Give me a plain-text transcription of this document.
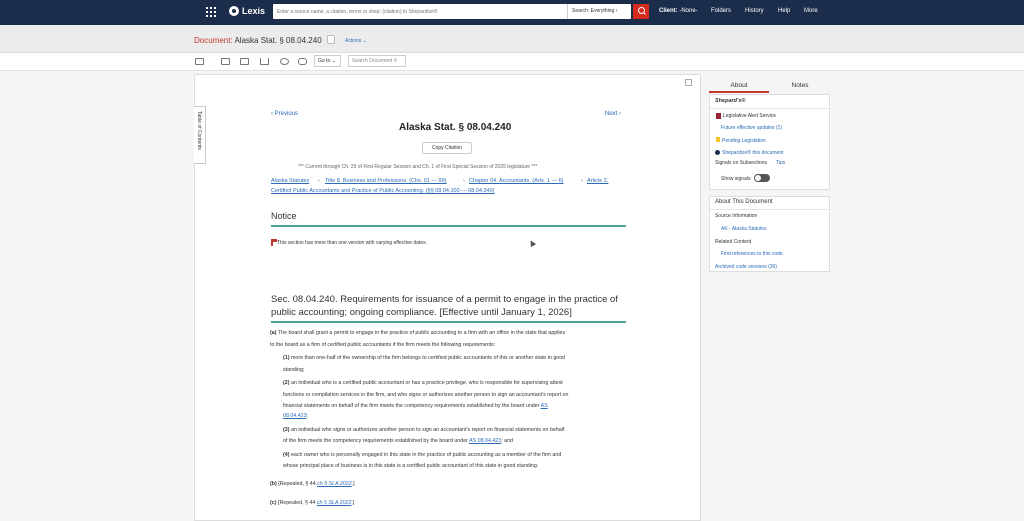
Lexis
Enter a source name, a citation, terms or shep: (citation) to Shepardize®	Search: Everything ›	Client: -None- Folders History Help More
Document: Alaska Stat. § 08.04.240	Actions ⌄
Go to ⌄	Search Document ⚲
Table of Contents	‹ Previous	Next ›
Alaska Stat. § 08.04.240
Copy Citation
*** Current through Ch. 25 of First Regular Session and Ch. 1 of First Special Session of 2025 legislature ***
Alaska Statutes › Title 8. Business and Professions. (Chs. 01 — 99)	› Chapter 04. Accountants. (Arts. 1 — 6)	› Article 2.
Certified Public Accountants and Practice of Public Accounting. (§§ 08.04.100 — 08.04.340)
Notice
This section has more than one version with varying effective dates.
Sec. 08.04.240. Requirements for issuance of a permit to engage in the practice of
public accounting; ongoing compliance. [Effective until January 1, 2026]
(a) The board shall grant a permit to engage in the practice of public accounting to a firm with an office in the state that applies
to the board as a firm of certified public accountants if the firm meets the following requirements:
(1) more than one-half of the ownership of the firm belongs to certified public accountants of this or another state in good
standing;
(2) an individual who is a certified public accountant or has a practice privilege, who is responsible for supervising attest
functions or compilation services in the firm, and who signs or authorizes another person to sign an accountant's report on
financial statements on behalf of the firm meets the competency requirements established by the board under AS
08.04.423;
(3) an individual who signs or authorizes another person to sign an accountant's report on financial statements on behalf
of the firm meets the competency requirements established by the board under AS 08.04.423; and
(4) each owner who is personally engaged in this state in the practice of public accounting as a member of the firm and
whose principal place of business is in this state is a certified public accountant of this state in good standing.
(b) [Repealed, § 44 ch 5 SLA 2022.]
(c) [Repealed, § 44 ch 5 SLA 2022.]
About	Notes
Shepard's®
Legislative Alert Service
Future effective updates (1)
Pending Legislation
Shepardize® this document
Signals on Subsections Tips
Show signals
About This Document
Source Information
AK - Alaska Statutes
Related Content
Find references to this code
Archived code versions (36)
